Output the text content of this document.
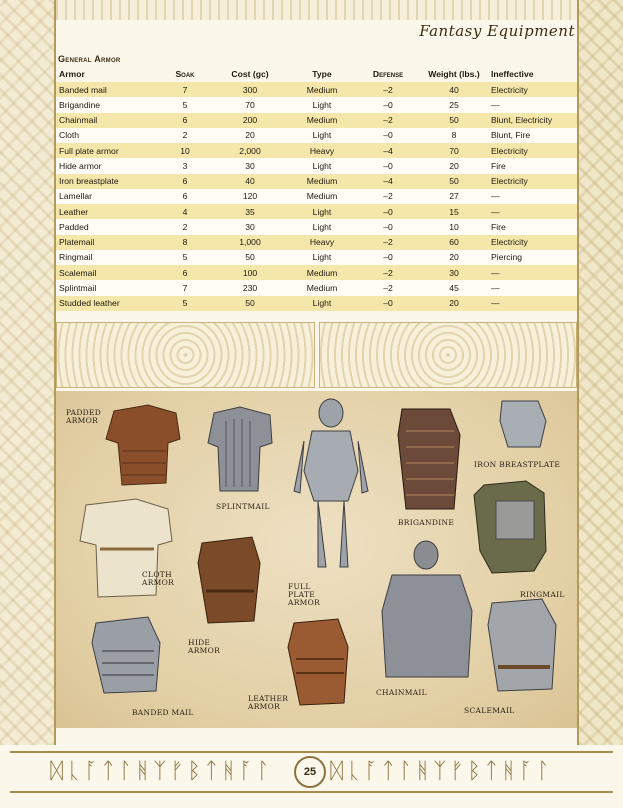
Fantasy Equipment
General Armor
Armor	Soak	Cost (gc)	Type	Defense	Weight (lbs.)	Ineffective
Banded mail	7	300	Medium	–2	40	Electricity
Brigandine	5	70	Light	–0	25	—
Chainmail	6	200	Medium	–2	50	Blunt, Electricity
Cloth	2	20	Light	–0	8	Blunt, Fire
Full plate armor	10	2,000	Heavy	–4	70	Electricity
Hide armor	3	30	Light	–0	20	Fire
Iron breastplate	6	40	Medium	–4	50	Electricity
Lamellar	6	120	Medium	–2	27	—
Leather	4	35	Light	–0	15	—
Padded	2	30	Light	–0	10	Fire
Platemail	8	1,000	Heavy	–2	60	Electricity
Ringmail	5	50	Light	–0	20	Piercing
Scalemail	6	100	Medium	–2	30	—
Splintmail	7	230	Medium	–2	45	—
Studded leather	5	50	Light	–0	20	—
PADDED ARMOR
SPLINTMAIL
FULL PLATE ARMOR
BRIGANDINE
IRON BREASTPLATE
CLOTH ARMOR
HIDE ARMOR
RINGMAIL
BANDED MAIL
LEATHER ARMOR
CHAINMAIL
SCALEMAIL
ᛞᚳᚪᛏᛚᚻᛉᚠᛒᛏᚻᚪᛚ	25 ᛞᚳᚪᛏᛚᚻᛉᚠᛒᛏᚻᚪᛚ
